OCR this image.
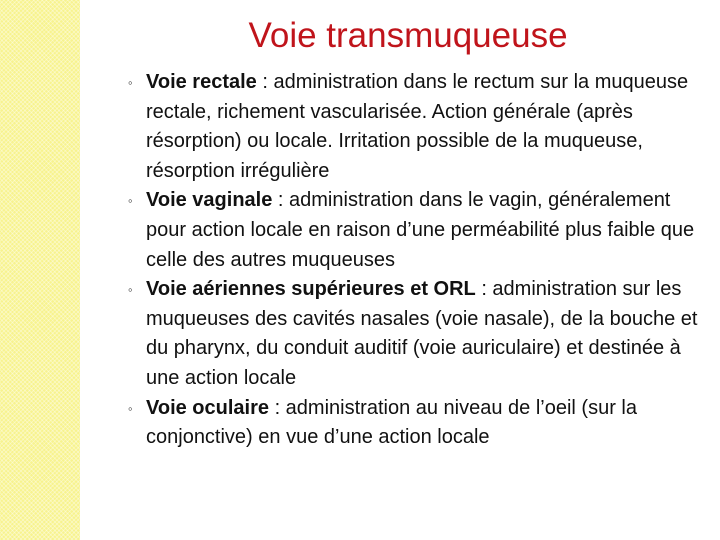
Voie transmuqueuse
◦ Voie rectale : administration dans le rectum sur la muqueuse rectale, richement vascularisée. Action générale (après résorption) ou locale. Irritation possible de la muqueuse, résorption irrégulière
◦ Voie vaginale : administration dans le vagin, généralement pour action locale en raison d’une perméabilité plus faible que celle des autres muqueuses
◦ Voie aériennes supérieures et ORL : administration sur les muqueuses des cavités nasales (voie nasale), de la bouche et du pharynx, du conduit auditif (voie auriculaire) et destinée à une action locale
◦ Voie oculaire : administration au niveau de l’oeil (sur la conjonctive) en vue d’une action locale
